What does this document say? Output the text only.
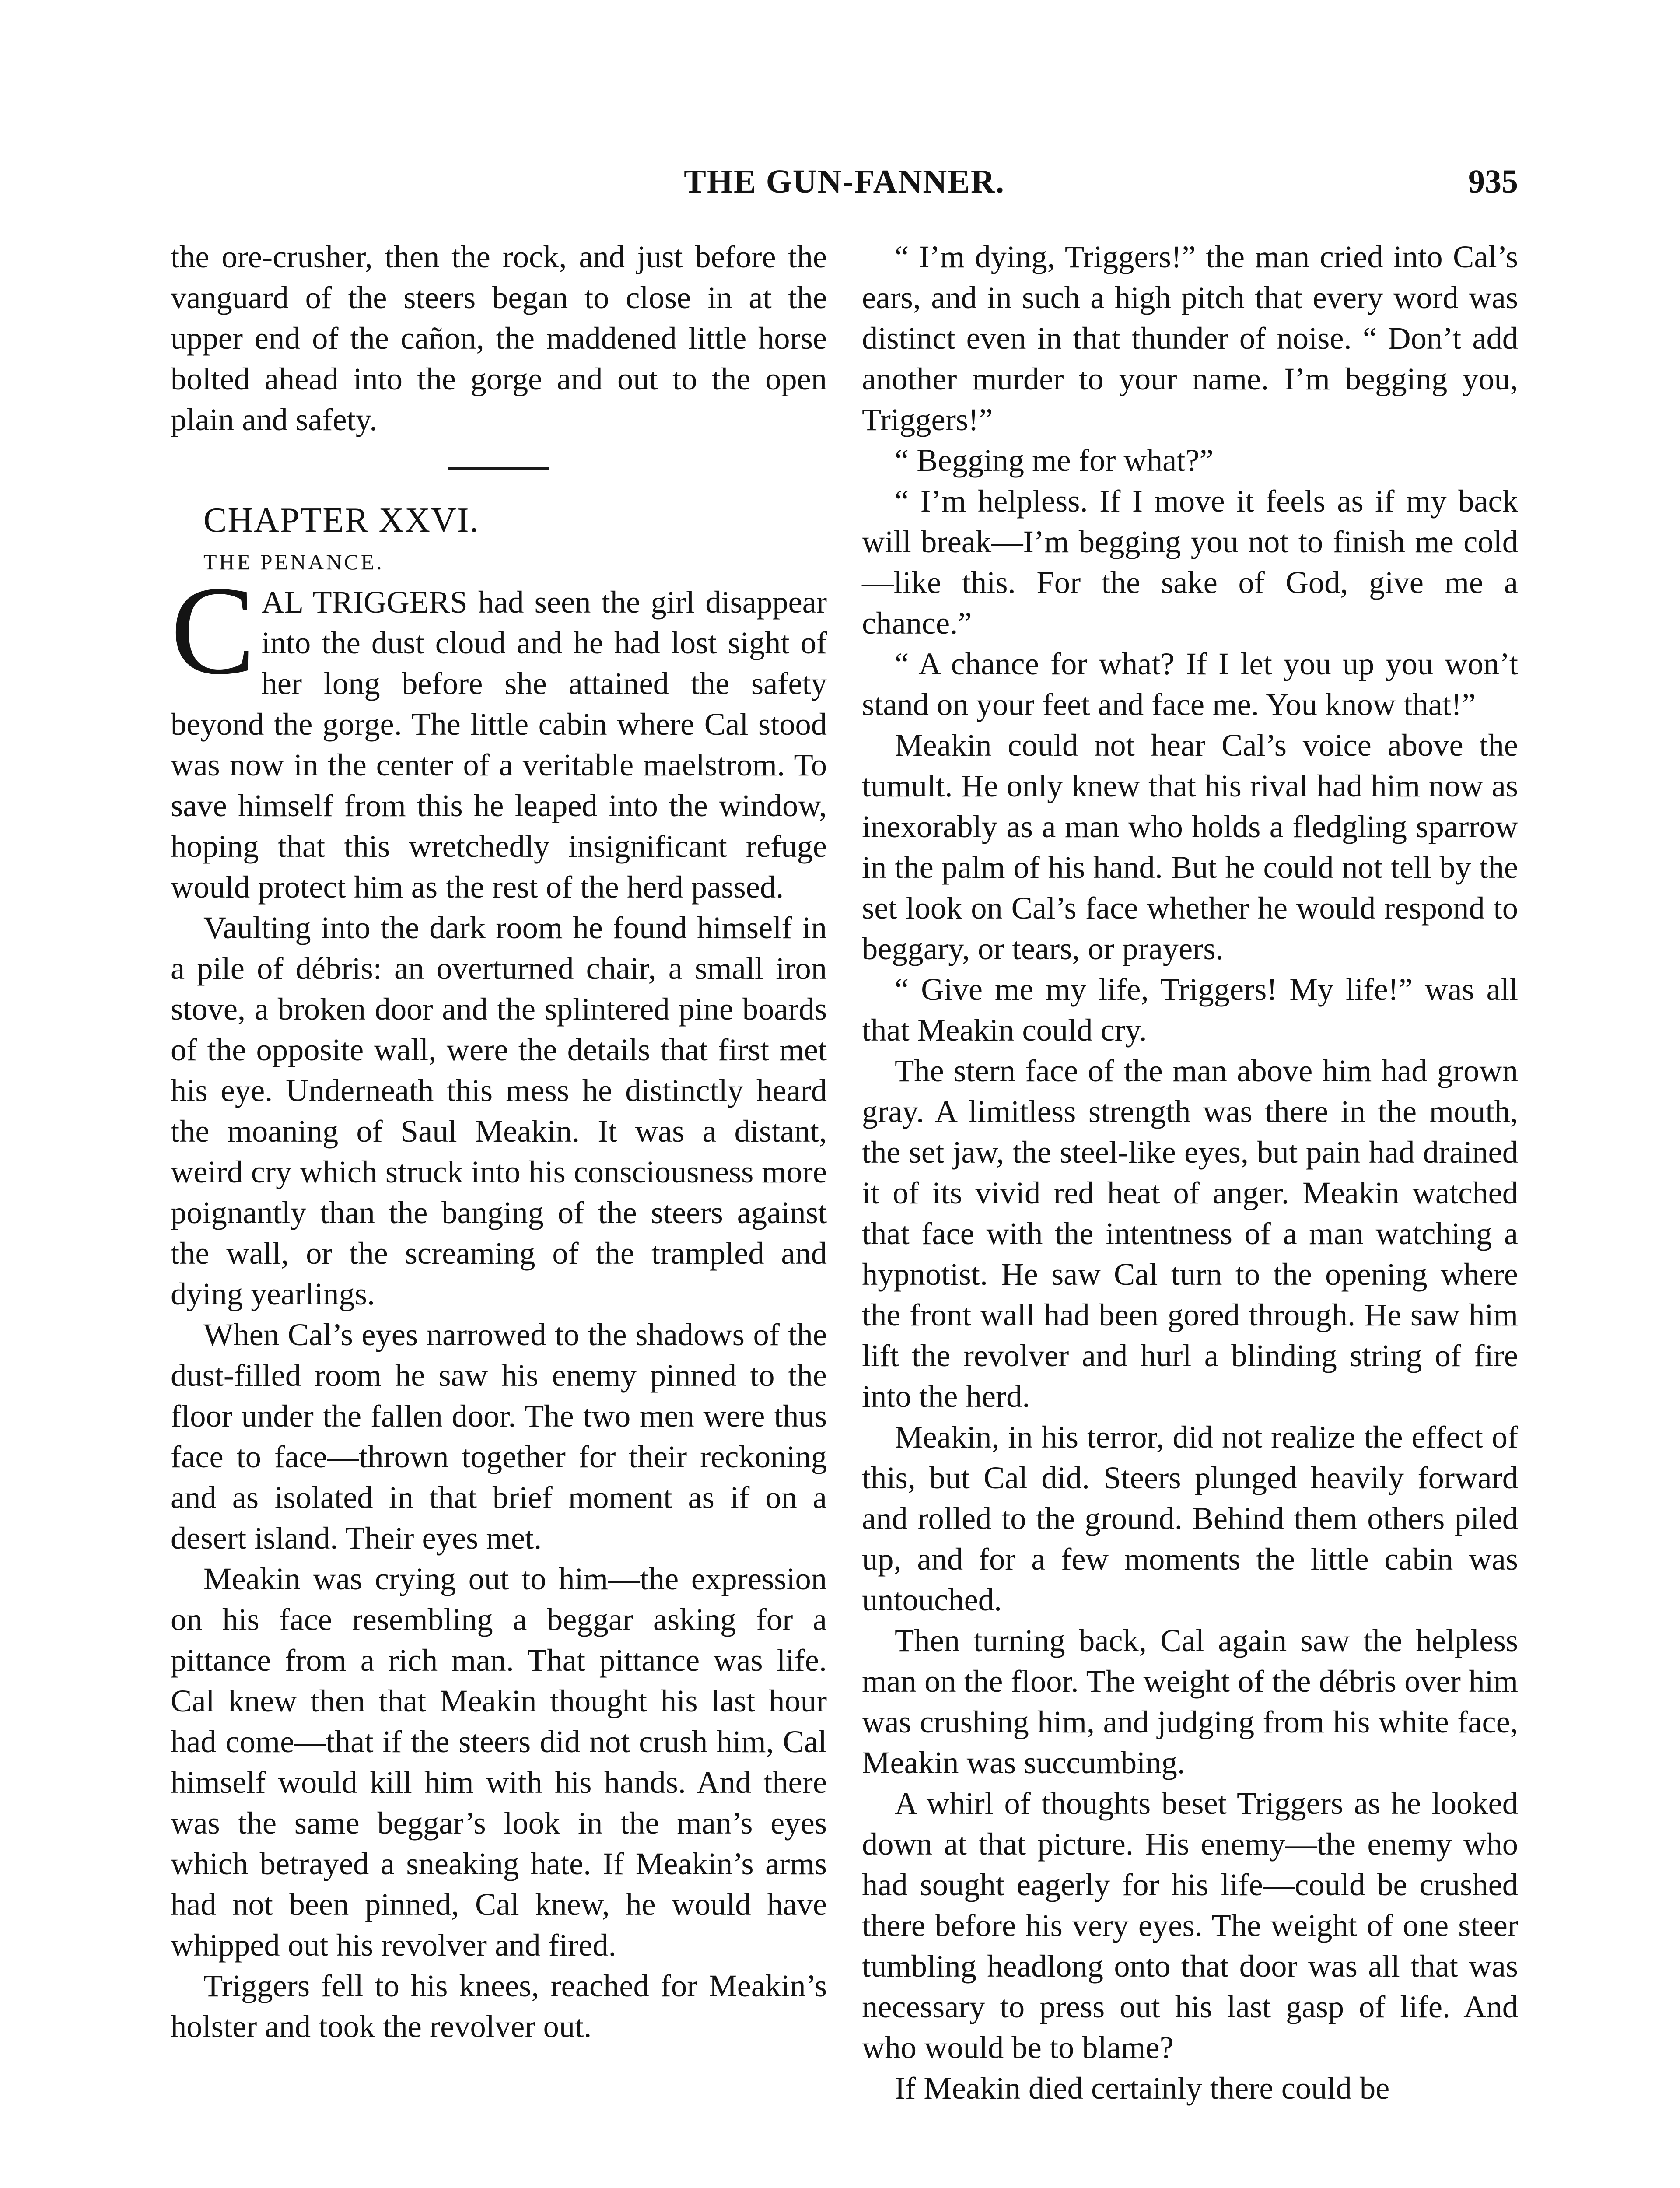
THE GUN-FANNER.	935

the ore-crusher, then the rock, and just before the vanguard of the steers began to close in at the upper end of the cañon, the maddened little horse bolted ahead into the gorge and out to the open plain and safety.

CHAPTER XXVI.

THE PENANCE.

CAL TRIGGERS had seen the girl disappear into the dust cloud and he had lost sight of her long before she attained the safety beyond the gorge. The little cabin where Cal stood was now in the center of a veritable maelstrom. To save himself from this he leaped into the window, hoping that this wretchedly insignificant refuge would protect him as the rest of the herd passed.

Vaulting into the dark room he found himself in a pile of débris: an overturned chair, a small iron stove, a broken door and the splintered pine boards of the opposite wall, were the details that first met his eye. Underneath this mess he distinctly heard the moaning of Saul Meakin. It was a distant, weird cry which struck into his consciousness more poignantly than the banging of the steers against the wall, or the screaming of the trampled and dying yearlings.

When Cal’s eyes narrowed to the shadows of the dust-filled room he saw his enemy pinned to the floor under the fallen door. The two men were thus face to face—thrown together for their reckoning and as isolated in that brief moment as if on a desert island. Their eyes met.

Meakin was crying out to him—the expression on his face resembling a beggar asking for a pittance from a rich man. That pittance was life. Cal knew then that Meakin thought his last hour had come—that if the steers did not crush him, Cal himself would kill him with his hands. And there was the same beggar’s look in the man’s eyes which betrayed a sneaking hate. If Meakin’s arms had not been pinned, Cal knew, he would have whipped out his revolver and fired.

Triggers fell to his knees, reached for Meakin’s holster and took the revolver out.

“ I’m dying, Triggers!” the man cried into Cal’s ears, and in such a high pitch that every word was distinct even in that thunder of noise. “ Don’t add another murder to your name. I’m begging you, Triggers!”

“ Begging me for what?”

“ I’m helpless. If I move it feels as if my back will break—I’m begging you not to finish me cold—like this. For the sake of God, give me a chance.”

“ A chance for what? If I let you up you won’t stand on your feet and face me. You know that!”

Meakin could not hear Cal’s voice above the tumult. He only knew that his rival had him now as inexorably as a man who holds a fledgling sparrow in the palm of his hand. But he could not tell by the set look on Cal’s face whether he would respond to beggary, or tears, or prayers.

“ Give me my life, Triggers! My life!” was all that Meakin could cry.

The stern face of the man above him had grown gray. A limitless strength was there in the mouth, the set jaw, the steel-like eyes, but pain had drained it of its vivid red heat of anger. Meakin watched that face with the intentness of a man watching a hypnotist. He saw Cal turn to the opening where the front wall had been gored through. He saw him lift the revolver and hurl a blinding string of fire into the herd.

Meakin, in his terror, did not realize the effect of this, but Cal did. Steers plunged heavily forward and rolled to the ground. Behind them others piled up, and for a few moments the little cabin was untouched.

Then turning back, Cal again saw the helpless man on the floor. The weight of the débris over him was crushing him, and judging from his white face, Meakin was succumbing.

A whirl of thoughts beset Triggers as he looked down at that picture. His enemy—the enemy who had sought eagerly for his life—could be crushed there before his very eyes. The weight of one steer tumbling headlong onto that door was all that was necessary to press out his last gasp of life. And who would be to blame?

If Meakin died certainly there could be
